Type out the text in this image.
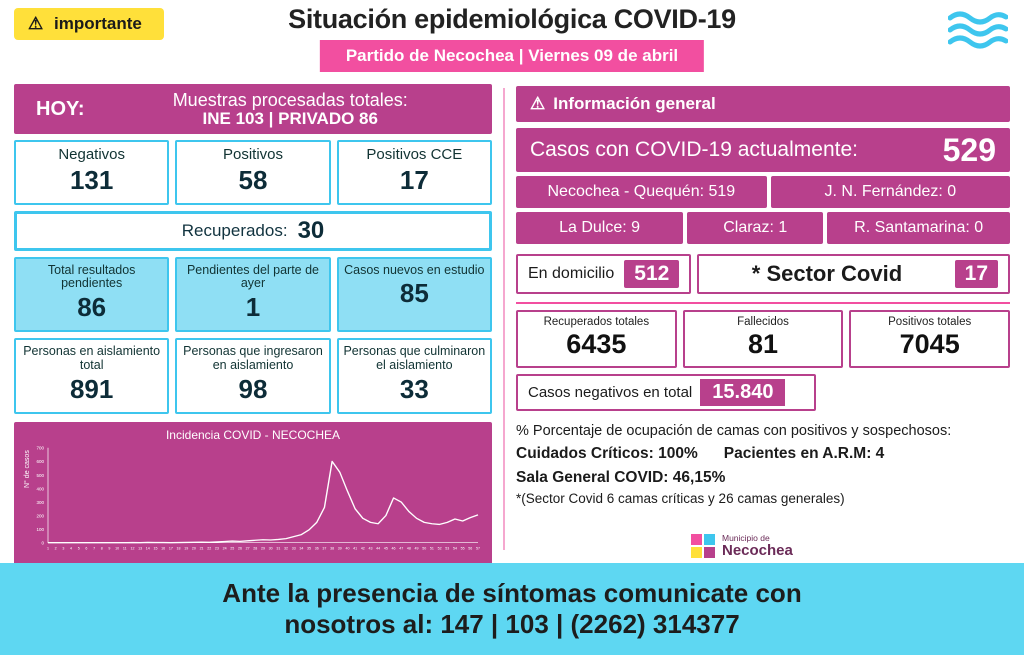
⚠ importante	Situación epidemiológica COVID-19
Partido de Necochea | Viernes 09 de abril
HOY:	Muestras procesadas totales:
INE 103 | PRIVADO 86
Negativos
131
Positivos
58
Positivos CCE
17
Recuperados: 30
Total resultados pendientes
86
Pendientes del parte de ayer
1
Casos nuevos en estudio
85
Personas en aislamiento total
891
Personas que ingresaron en aislamiento
98
Personas que culminaron el aislamiento
33
Incidencia COVID - NECOCHEA
N° de casos
0
100
200
300
400
500
600
700
1 2 3 4 5 6 7 8 9 10 11 12 13 14 15 16 17 18 19 20 21 22 23 24 25 26 27 28 29 30 31 32 33 34 35 36 37 38 39 40 41 42 43 44 45 46 47 48 49 50 51 52 53 54 55 56 57
⚠ Información general
Casos con COVID-19 actualmente:	529
Necochea - Quequén: 519	J. N. Fernández: 0
La Dulce: 9	Claraz: 1	R. Santamarina: 0
En domicilio 512	* Sector Covid	17
Recuperados totales
6435
Fallecidos
81
Positivos totales
7045
Casos negativos en total	15.840
% Porcentaje de ocupación de camas con positivos y sospechosos:
Cuidados Críticos: 100% Pacientes en A.R.M: 4
Sala General COVID: 46,15%
*(Sector Covid 6 camas críticas y 26 camas generales)
Municipio de
Necochea
Ante la presencia de síntomas comunicate con
nosotros al: 147 | 103 | (2262) 314377
